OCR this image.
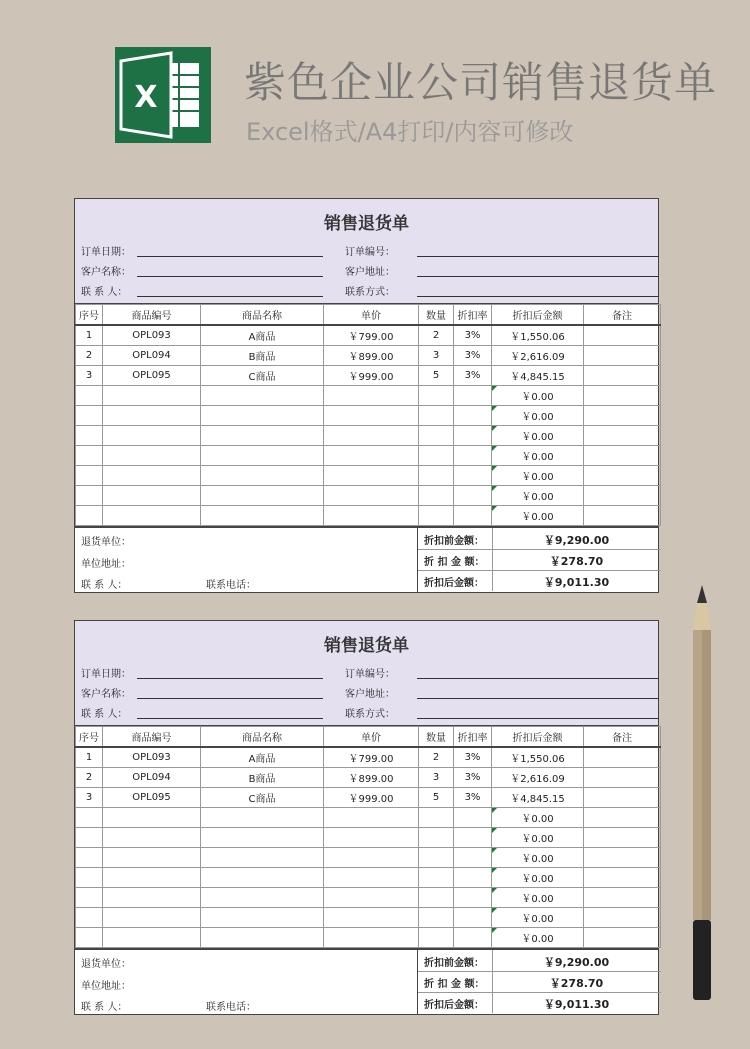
X 紫色企业公司销售退货单
Excel格式/A4打印/内容可修改
销售退货单
订单日期：
客户名称：
联 系 人：
订单编号：
客户地址：
联系方式：
序号	商品编号	商品名称	单价	数量	折扣率	折扣后金额	备注
1	OPL093	A商品	￥799.00	2	3%	￥1,550.06	
2	OPL094	B商品	￥899.00	3	3%	￥2,616.09	
3	OPL095	C商品	￥999.00	5	3%	￥4,845.15	
						￥0.00

						￥0.00

						￥0.00

						￥0.00

						￥0.00

						￥0.00

						￥0.00

退货单位：
单位地址：
联 系 人：	联系电话：
折扣前金额：	￥9,290.00
折 扣 金 额：	￥278.70
折扣后金额：	￥9,011.30
销售退货单
订单日期：
客户名称：
联 系 人：
订单编号：
客户地址：
联系方式：
序号	商品编号	商品名称	单价	数量	折扣率	折扣后金额	备注
1	OPL093	A商品	￥799.00	2	3%	￥1,550.06	
2	OPL094	B商品	￥899.00	3	3%	￥2,616.09	
3	OPL095	C商品	￥999.00	5	3%	￥4,845.15	
						￥0.00

						￥0.00

						￥0.00

						￥0.00

						￥0.00

						￥0.00

						￥0.00

退货单位：
单位地址：
联 系 人：	联系电话：
折扣前金额：	￥9,290.00
折 扣 金 额：	￥278.70
折扣后金额：	￥9,011.30
